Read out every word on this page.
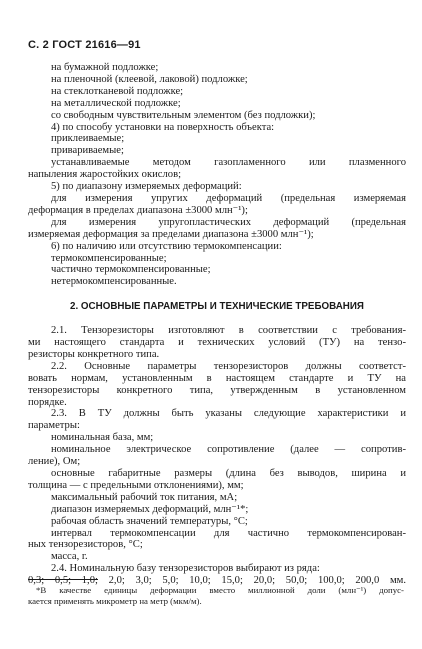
С. 2 ГОСТ 21616—91
на бумажной подложке;
на пленочной (клеевой, лаковой) подложке;
на стеклотканевой подложке;
на металлической подложке;
со свободным чувствительным элементом (без подложки);
4) по способу установки на поверхность объекта:
приклеиваемые;
привариваемые;
устанавливаемые методом газопламенного или плазменного
напыления жаростойких окислов;
5) по диапазону измеряемых деформаций:
для измерения упругих деформаций (предельная измеряемая
деформация в пределах диапазона ±3000 млн⁻¹);
для измерения упругопластических деформаций (предельная
измеряемая деформация за пределами диапазона ±3000 млн⁻¹);
6) по наличию или отсутствию термокомпенсации:
термокомпенсированные;
частично термокомпенсированные;
нетермокомпенсированные.
2. ОСНОВНЫЕ ПАРАМЕТРЫ И ТЕХНИЧЕСКИЕ ТРЕБОВАНИЯ
2.1. Тензорезисторы изготовляют в соответствии с требования-
ми настоящего стандарта и технических условий (ТУ) на тензо-
резисторы конкретного типа.
2.2. Основные параметры тензорезисторов должны соответст-
вовать нормам, установленным в настоящем стандарте и ТУ на
тензорезисторы конкретного типа, утвержденным в установленном
порядке.
2.3. В ТУ должны быть указаны следующие характеристики и
параметры:
номинальная база, мм;
номинальное электрическое сопротивление (далее — сопротив-
ление), Ом;
основные габаритные размеры (длина без выводов, ширина и
толщина — с предельными отклонениями), мм;
максимальный рабочий ток питания, мА;
диапазон измеряемых деформаций, млн⁻¹*;
рабочая область значений температуры, °С;
интервал термокомпенсации для частично термокомпенсирован-
ных тензорезисторов, °С;
масса, г.
2.4. Номинальную базу тензорезисторов выбирают из ряда:
0,3; 0,5; 1,0; 2,0; 3,0; 5,0; 10,0; 15,0; 20,0; 50,0; 100,0; 200,0 мм.
*В качестве единицы деформации вместо миллионной доли (млн⁻¹) допус-
кается применять микрометр на метр (мкм/м).
